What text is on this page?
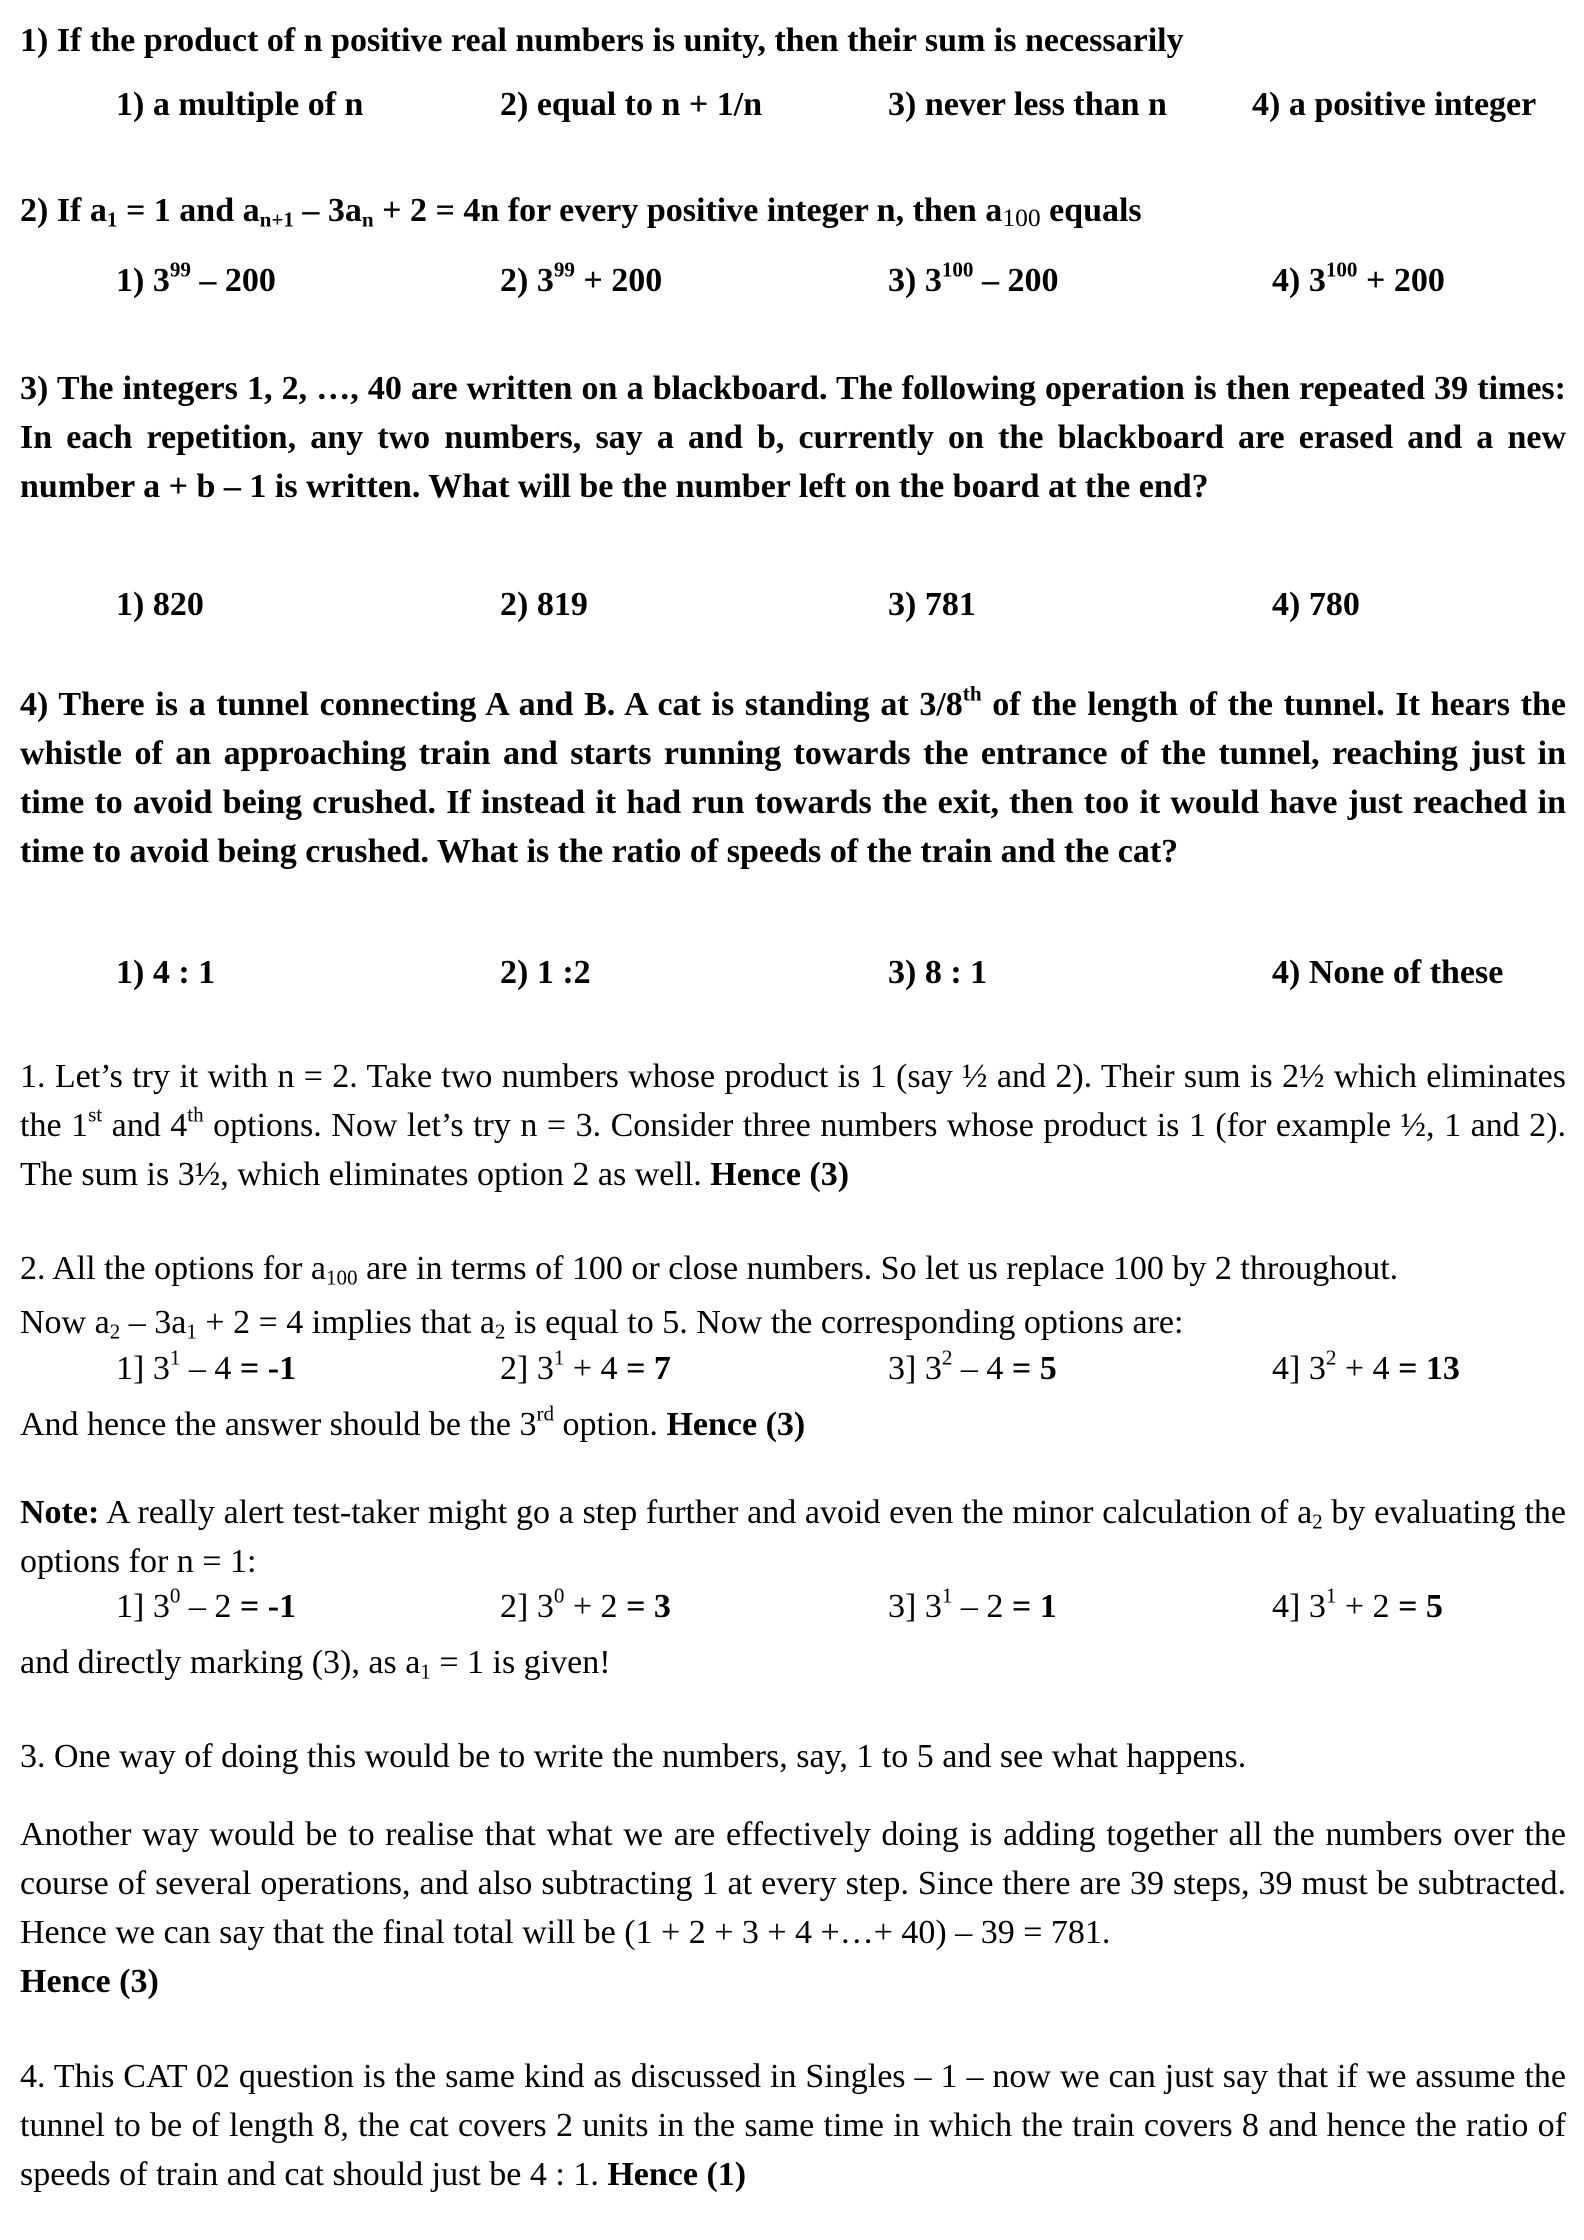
1) If the product of n positive real numbers is unity, then their sum is necessarily
1) a multiple of n	2) equal to n + 1/n	3) never less than n	4) a positive integer
2) If $a_1 = 1$ and $a_{n+1} - 3a_n + 2 = 4n$ for every positive integer n, then $a_{100}$ equals
1) $3^{99} - 200$	2) $3^{99} + 200$	3) $3^{100} - 200$	4) $3^{100} + 200$
3) The integers 1, 2, …, 40 are written on a blackboard. The following operation is then repeated 39 times: In each repetition, any two numbers, say a and b, currently on the blackboard are erased and a new number a + b – 1 is written. What will be the number left on the board at the end?
1) 820	2) 819	3) 781	4) 780
4) There is a tunnel connecting A and B. A cat is standing at 3/8th of the length of the tunnel. It hears the whistle of an approaching train and starts running towards the entrance of the tunnel, reaching just in time to avoid being crushed. If instead it had run towards the exit, then too it would have just reached in time to avoid being crushed. What is the ratio of speeds of the train and the cat?
1) 4 : 1	2) 1 :2	3) 8 : 1	4) None of these
1. Let’s try it with n = 2. Take two numbers whose product is 1 (say ½ and 2). Their sum is 2½ which eliminates the 1st and 4th options. Now let’s try n = 3. Consider three numbers whose product is 1 (for example ½, 1 and 2). The sum is 3½, which eliminates option 2 as well. Hence (3)
2. All the options for $a_{100}$ are in terms of 100 or close numbers. So let us replace 100 by 2 throughout.
Now $a_2 - 3a_1 + 2 = 4$ implies that $a_2$ is equal to 5. Now the corresponding options are:
1] $3^1 - 4 = -1$	2] $3^1 + 4 = 7$	3] $3^2 - 4 = 5$	4] $3^2 + 4 = 13$
And hence the answer should be the 3rd option. Hence (3)
Note: A really alert test-taker might go a step further and avoid even the minor calculation of $a_2$ by evaluating the options for n = 1:
1] $3^0 - 2 = -1$	2] $3^0 + 2 = 3$	3] $3^1 - 2 = 1$	4] $3^1 + 2 = 5$
and directly marking (3), as $a_1 = 1$ is given!
3. One way of doing this would be to write the numbers, say, 1 to 5 and see what happens.
Another way would be to realise that what we are effectively doing is adding together all the numbers over the course of several operations, and also subtracting 1 at every step. Since there are 39 steps, 39 must be subtracted. Hence we can say that the final total will be (1 + 2 + 3 + 4 +…+ 40) – 39 = 781.
Hence (3)
4. This CAT 02 question is the same kind as discussed in Singles – 1 – now we can just say that if we assume the tunnel to be of length 8, the cat covers 2 units in the same time in which the train covers 8 and hence the ratio of speeds of train and cat should just be 4 : 1. Hence (1)
